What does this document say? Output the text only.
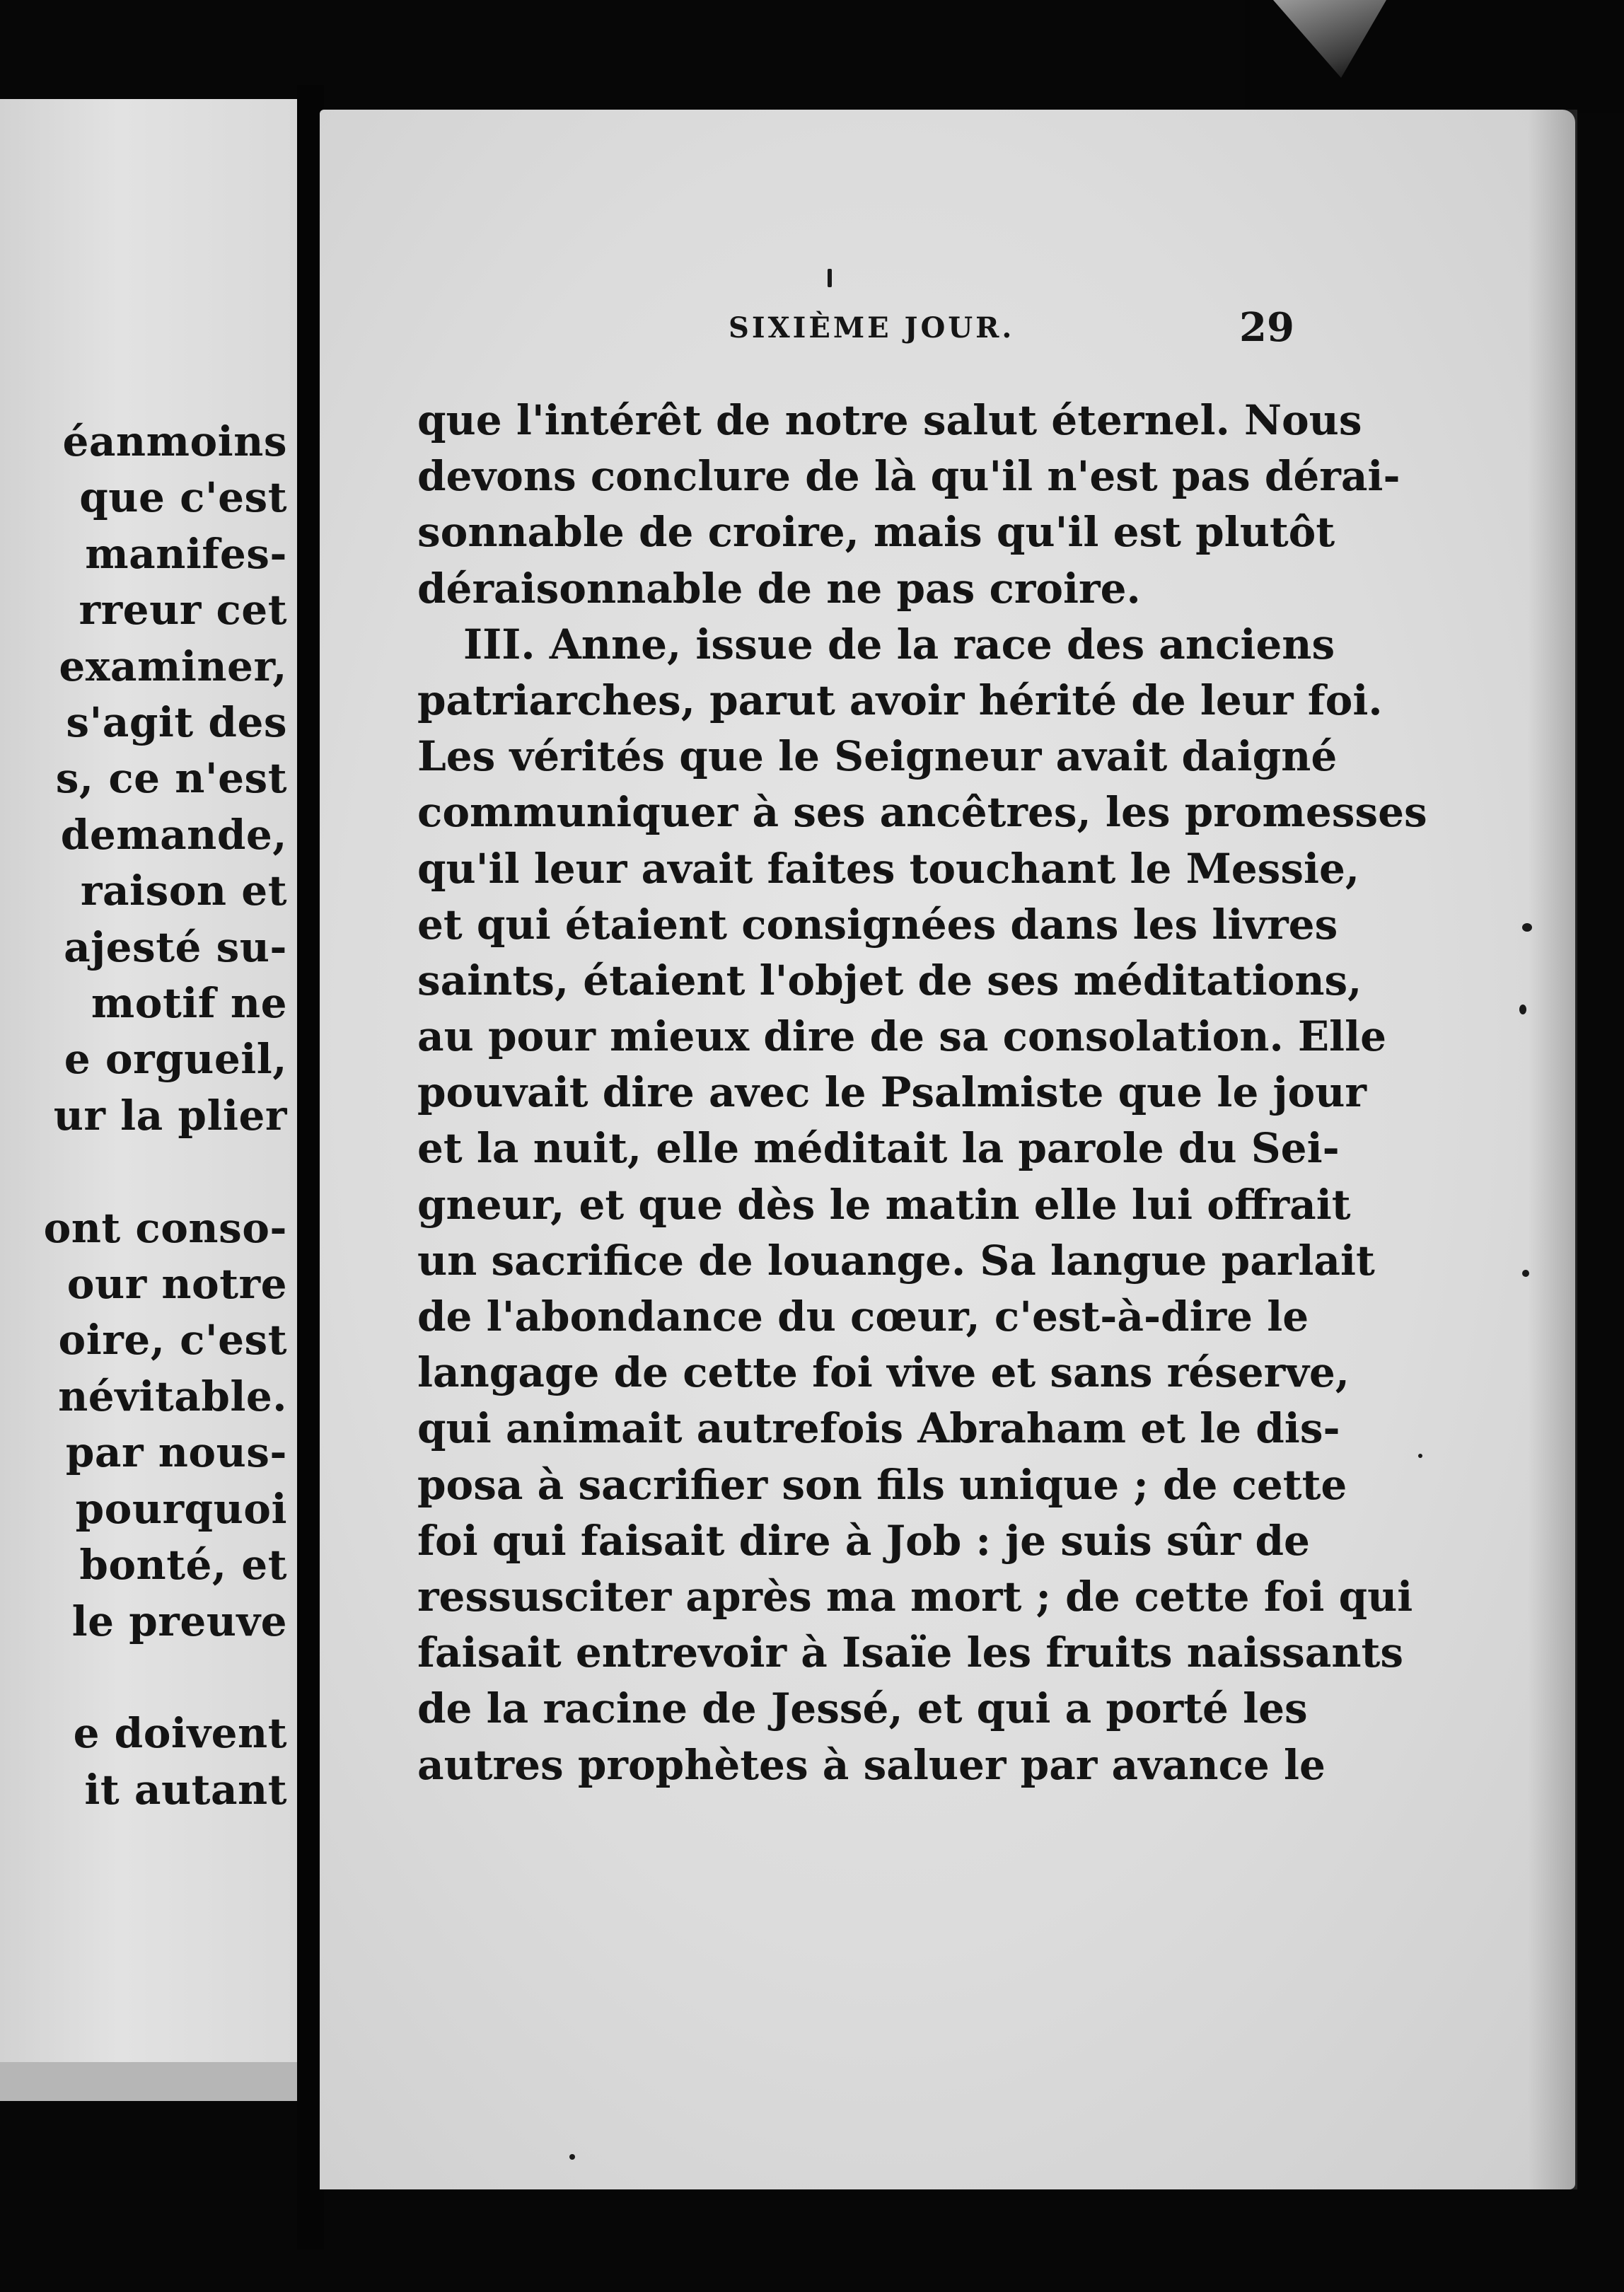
éanmoins
que c'est
manifes-
rreur cet
examiner,
s'agit des
s, ce n'est
demande,
raison et
ajesté su-
motif ne
e orgueil,
ur la plier
ont conso-
our notre
oire, c'est
névitable.
par nous-
pourquoi
bonté, et
le preuve
e doivent
it autant
SIXIÈME JOUR.	29
que l'intérêt de notre salut éternel. Nous
devons conclure de là qu'il n'est pas dérai-
sonnable de croire, mais qu'il est plutôt
déraisonnable de ne pas croire.
III. Anne, issue de la race des anciens
patriarches, parut avoir hérité de leur foi.
Les vérités que le Seigneur avait daigné
communiquer à ses ancêtres, les promesses
qu'il leur avait faites touchant le Messie,
et qui étaient consignées dans les livres
saints, étaient l'objet de ses méditations,
au pour mieux dire de sa consolation. Elle
pouvait dire avec le Psalmiste que le jour
et la nuit, elle méditait la parole du Sei-
gneur, et que dès le matin elle lui offrait
un sacrifice de louange. Sa langue parlait
de l'abondance du cœur, c'est-à-dire le
langage de cette foi vive et sans réserve,
qui animait autrefois Abraham et le dis-
posa à sacrifier son fils unique ; de cette
foi qui faisait dire à Job : je suis sûr de
ressusciter après ma mort ; de cette foi qui
faisait entrevoir à Isaïe les fruits naissants
de la racine de Jessé, et qui a porté les
autres prophètes à saluer par avance le
